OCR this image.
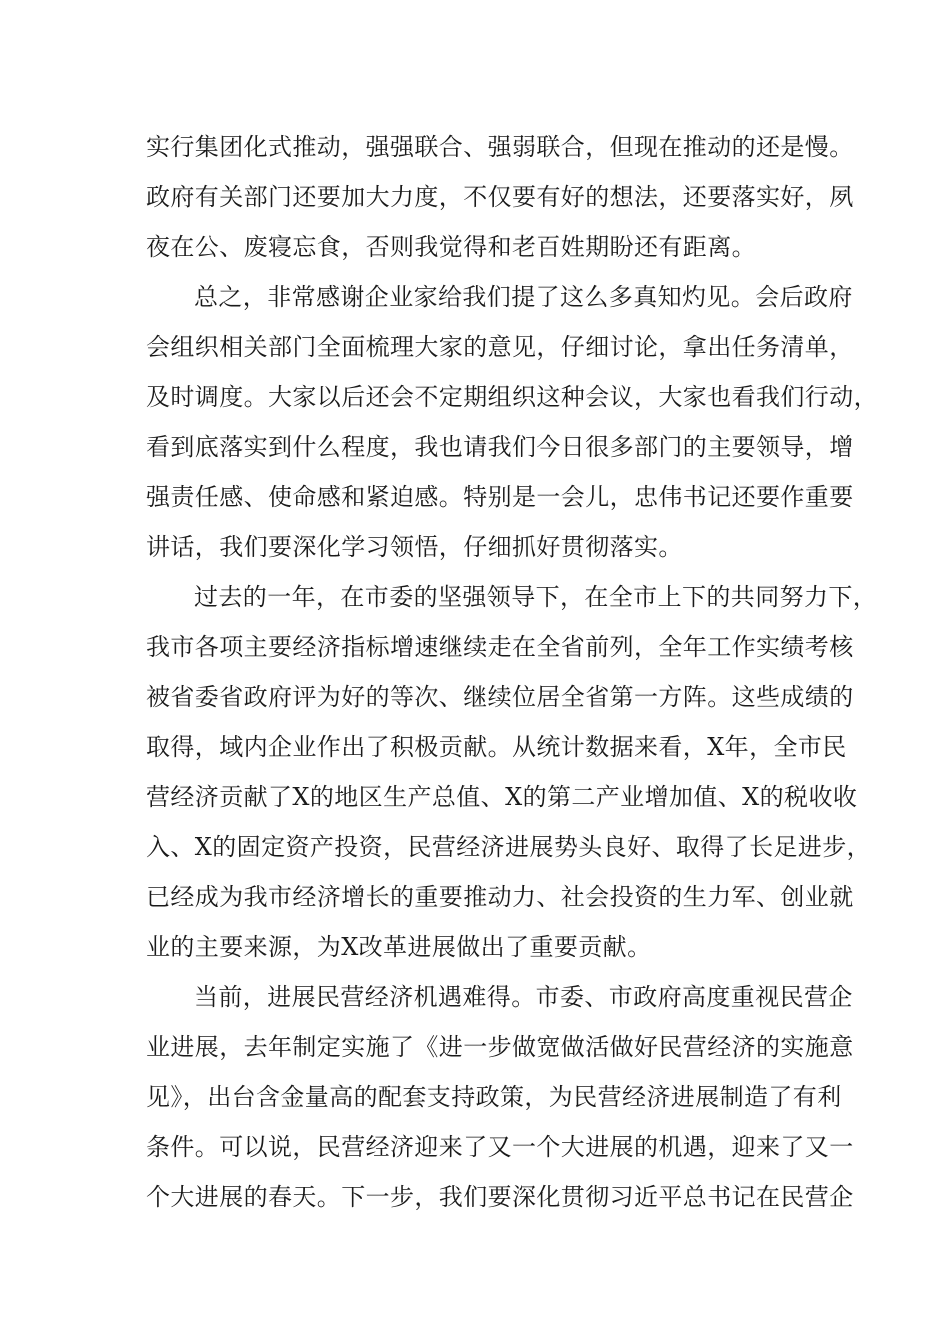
实行集团化式推动，强强联合、强弱联合，但现在推动的还是慢。
政府有关部门还要加大力度，不仅要有好的想法，还要落实好，夙
夜在公、废寝忘食，否则我觉得和老百姓期盼还有距离。
总之，非常感谢企业家给我们提了这么多真知灼见。会后政府
会组织相关部门全面梳理大家的意见，仔细讨论，拿出任务清单，
及时调度。大家以后还会不定期组织这种会议，大家也看我们行动，
看到底落实到什么程度，我也请我们今日很多部门的主要领导，增
强责任感、使命感和紧迫感。特别是一会儿，忠伟书记还要作重要
讲话，我们要深化学习领悟，仔细抓好贯彻落实。
过去的一年，在市委的坚强领导下，在全市上下的共同努力下，
我市各项主要经济指标增速继续走在全省前列，全年工作实绩考核
被省委省政府评为好的等次、继续位居全省第一方阵。这些成绩的
取得，域内企业作出了积极贡献。从统计数据来看，X年，全市民
营经济贡献了X的地区生产总值、X的第二产业增加值、X的税收收
入、X的固定资产投资，民营经济进展势头良好、取得了长足进步，
已经成为我市经济增长的重要推动力、社会投资的生力军、创业就
业的主要来源，为X改革进展做出了重要贡献。
当前，进展民营经济机遇难得。市委、市政府高度重视民营企
业进展，去年制定实施了《进一步做宽做活做好民营经济的实施意
见》，出台含金量高的配套支持政策，为民营经济进展制造了有利
条件。可以说，民营经济迎来了又一个大进展的机遇，迎来了又一
个大进展的春天。下一步，我们要深化贯彻习近平总书记在民营企
